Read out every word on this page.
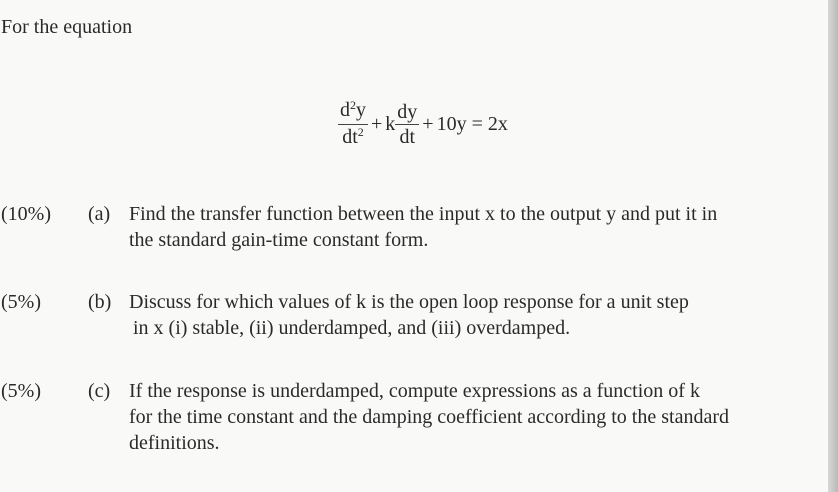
For the equation
$\frac{d^2y}{dt^2} + k \frac{dy}{dt} + 10y = 2x$
(10%) (a) Find the transfer function between the input x to the output y and put it in
the standard gain-time constant form.
(5%) (b) Discuss for which values of k is the open loop response for a unit step
in x (i) stable, (ii) underdamped, and (iii) overdamped.
(5%) (c) If the response is underdamped, compute expressions as a function of k
for the time constant and the damping coefficient according to the standard
definitions.
